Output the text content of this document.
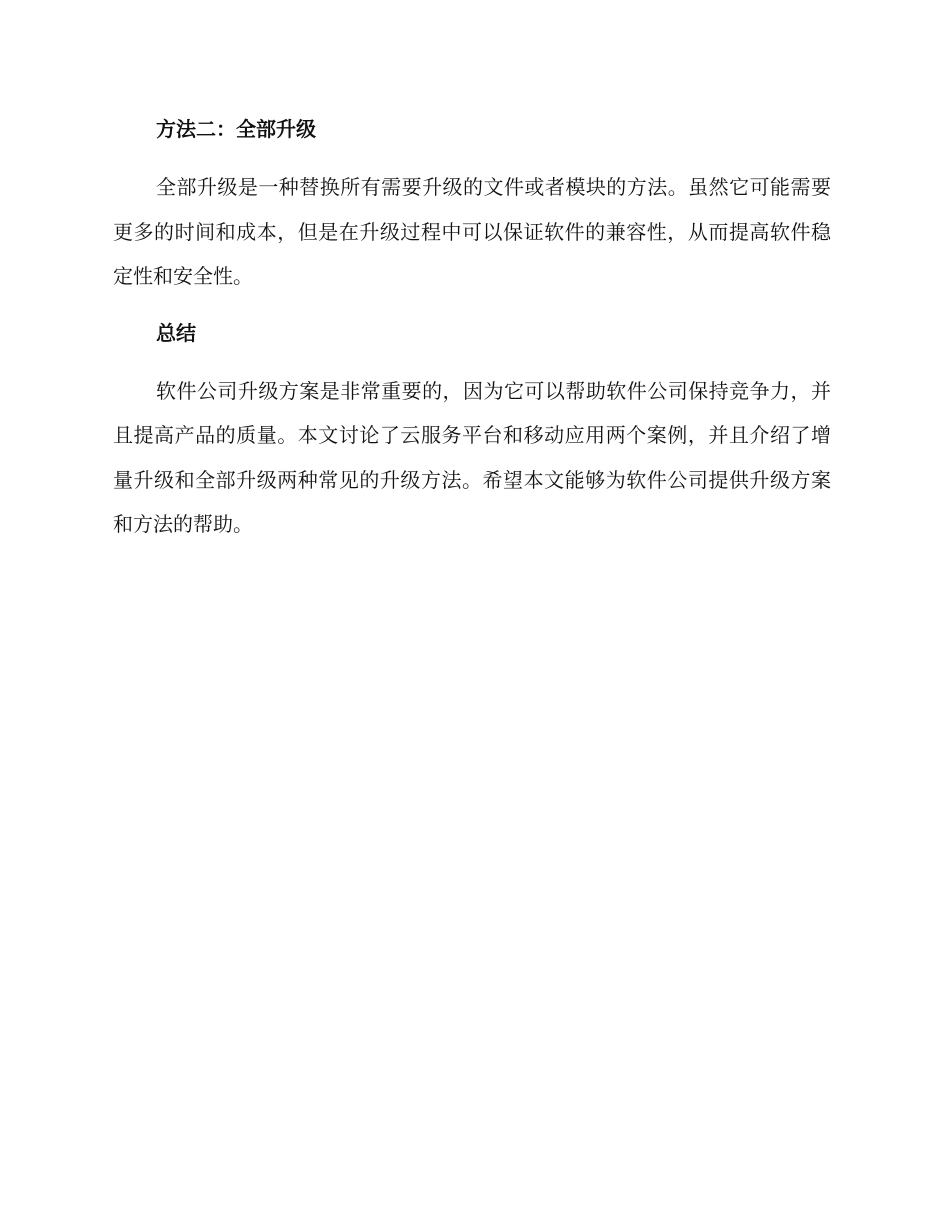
方法二：全部升级

全部升级是一种替换所有需要升级的文件或者模块的方法。虽然它可能需要更多的时间和成本，但是在升级过程中可以保证软件的兼容性，从而提高软件稳定性和安全性。

总结

软件公司升级方案是非常重要的，因为它可以帮助软件公司保持竞争力，并且提高产品的质量。本文讨论了云服务平台和移动应用两个案例，并且介绍了增量升级和全部升级两种常见的升级方法。希望本文能够为软件公司提供升级方案和方法的帮助。
